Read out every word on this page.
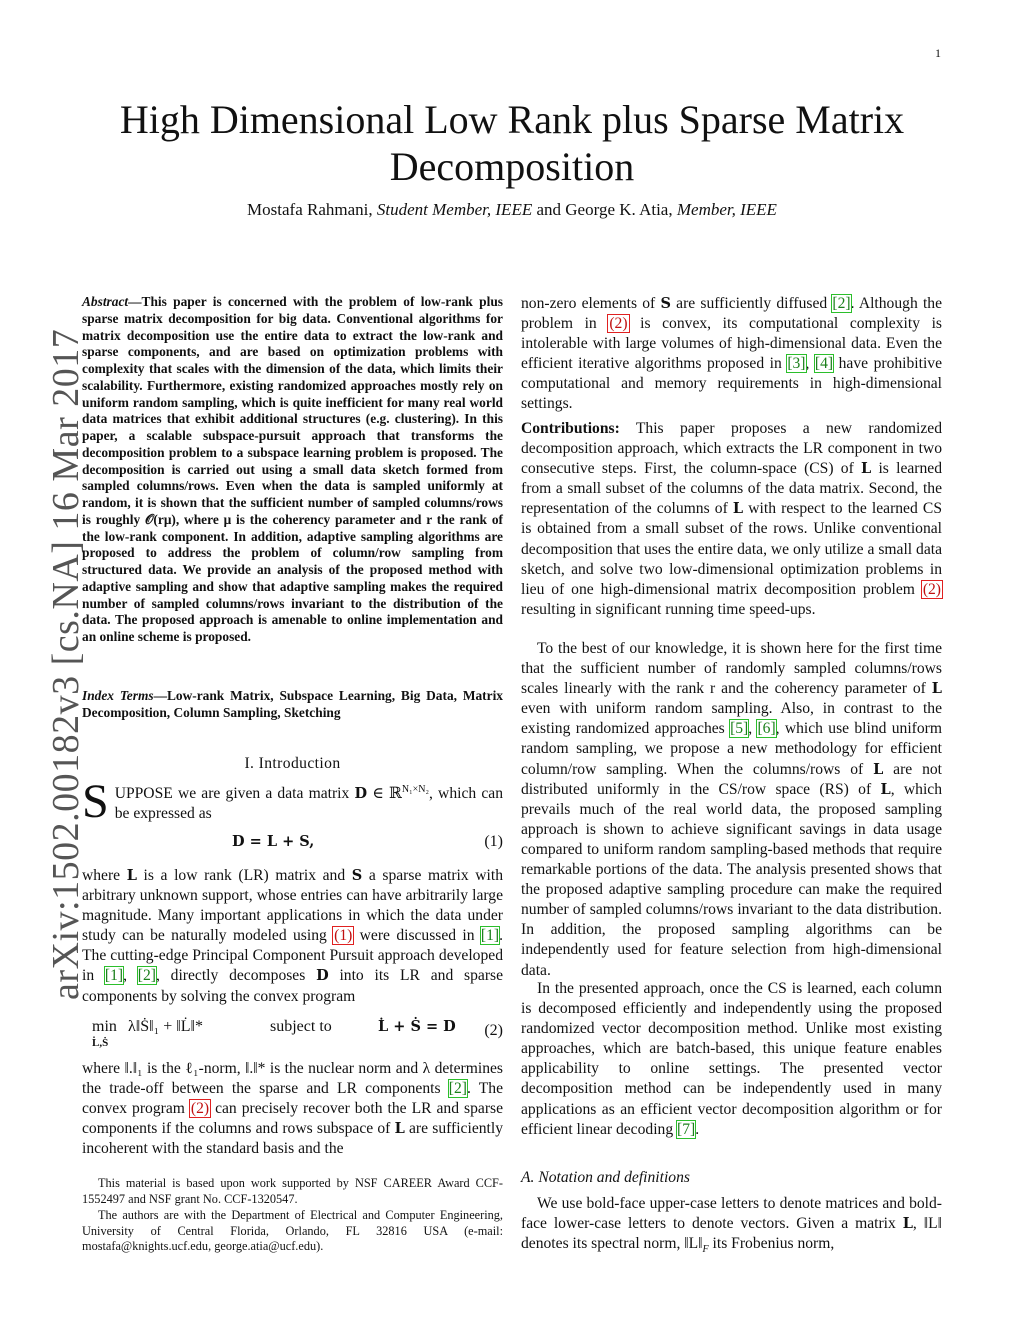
1
arXiv:1502.00182v3 [cs.NA] 16 Mar 2017
High Dimensional Low Rank plus Sparse Matrix
Decomposition
Mostafa Rahmani, Student Member, IEEE and George K. Atia, Member, IEEE
Abstract—This paper is concerned with the problem of low-rank plus sparse matrix decomposition for big data. Conventional algorithms for matrix decomposition use the entire data to extract the low-rank and sparse components, and are based on optimization problems with complexity that scales with the dimension of the data, which limits their scalability. Furthermore, existing randomized approaches mostly rely on uniform random sampling, which is quite inefficient for many real world data matrices that exhibit additional structures (e.g. clustering). In this paper, a scalable subspace-pursuit approach that transforms the decomposition problem to a subspace learning problem is proposed. The decomposition is carried out using a small data sketch formed from sampled columns/rows. Even when the data is sampled uniformly at random, it is shown that the sufficient number of sampled columns/rows is roughly 𝒪(rμ), where μ is the coherency parameter and r the rank of the low-rank component. In addition, adaptive sampling algorithms are proposed to address the problem of column/row sampling from structured data. We provide an analysis of the proposed method with adaptive sampling and show that adaptive sampling makes the required number of sampled columns/rows invariant to the distribution of the data. The proposed approach is amenable to online implementation and an online scheme is proposed.
Index Terms—Low-rank Matrix, Subspace Learning, Big Data, Matrix Decomposition, Column Sampling, Sketching
I. Introduction
SUPPOSE we are given a data matrix D ∈ ℝ$^{N_1\times N_2}$, which can be expressed as
D = L + S,	(1)
where L is a low rank (LR) matrix and S a sparse matrix with arbitrary unknown support, whose entries can have arbitrarily large magnitude. Many important applications in which the data under study can be naturally modeled using (1) were discussed in [1]. The cutting-edge Principal Component Pursuit approach developed in [1], [2], directly decomposes D into its LR and sparse components by solving the convex program
min
L̇,Ṡ
λ‖Ṡ‖₁ + ‖L̇‖*	subject to	L̇ + Ṡ = D (2)
where ‖.‖₁ is the ℓ₁-norm, ‖.‖* is the nuclear norm and λ determines the trade-off between the sparse and LR components [2]. The convex program (2) can precisely recover both the LR and sparse components if the columns and rows subspace of L are sufficiently incoherent with the standard basis and the
This material is based upon work supported by NSF CAREER Award CCF-1552497 and NSF grant No. CCF-1320547.
The authors are with the Department of Electrical and Computer Engineering, University of Central Florida, Orlando, FL 32816 USA (e-mail: mostafa@knights.ucf.edu, george.atia@ucf.edu).
non-zero elements of S are sufficiently diffused [2]. Although the problem in (2) is convex, its computational complexity is intolerable with large volumes of high-dimensional data. Even the efficient iterative algorithms proposed in [3], [4] have prohibitive computational and memory requirements in high-dimensional settings.
Contributions: This paper proposes a new randomized decomposition approach, which extracts the LR component in two consecutive steps. First, the column-space (CS) of L is learned from a small subset of the columns of the data matrix. Second, the representation of the columns of L with respect to the learned CS is obtained from a small subset of the rows. Unlike conventional decomposition that uses the entire data, we only utilize a small data sketch, and solve two low-dimensional optimization problems in lieu of one high-dimensional matrix decomposition problem (2) resulting in significant running time speed-ups.
To the best of our knowledge, it is shown here for the first time that the sufficient number of randomly sampled columns/rows scales linearly with the rank r and the coherency parameter of L even with uniform random sampling. Also, in contrast to the existing randomized approaches [5], [6], which use blind uniform random sampling, we propose a new methodology for efficient column/row sampling. When the columns/rows of L are not distributed uniformly in the CS/row space (RS) of L, which prevails much of the real world data, the proposed sampling approach is shown to achieve significant savings in data usage compared to uniform random sampling-based methods that require remarkable portions of the data. The analysis presented shows that the proposed adaptive sampling procedure can make the required number of sampled columns/rows invariant to the data distribution. In addition, the proposed sampling algorithms can be independently used for feature selection from high-dimensional data.
In the presented approach, once the CS is learned, each column is decomposed efficiently and independently using the proposed randomized vector decomposition method. Unlike most existing approaches, which are batch-based, this unique feature enables applicability to online settings. The presented vector decomposition method can be independently used in many applications as an efficient vector decomposition algorithm or for efficient linear decoding [7].
A. Notation and definitions
We use bold-face upper-case letters to denote matrices and bold-face lower-case letters to denote vectors. Given a matrix L, ‖L‖ denotes its spectral norm, $‖L‖_F$ its Frobenius norm,
